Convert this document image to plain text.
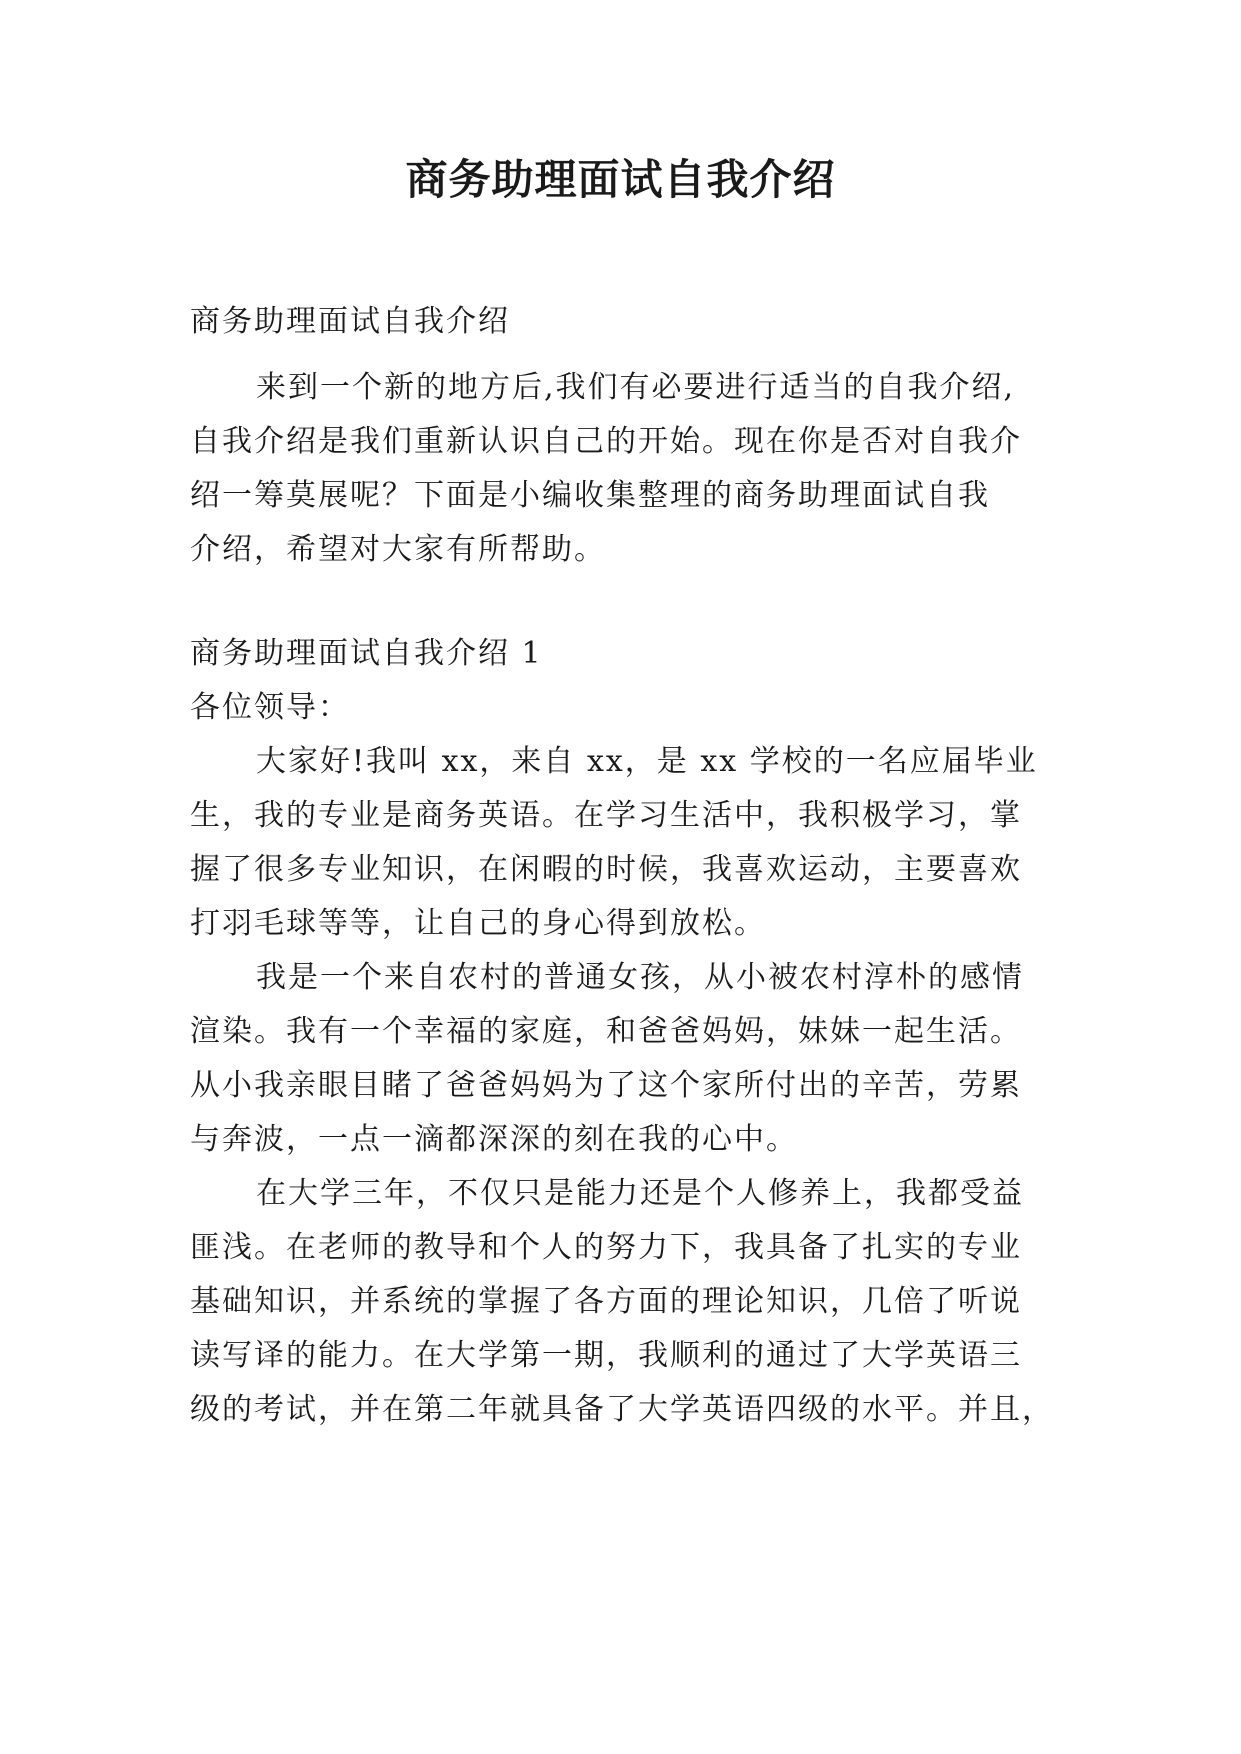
商务助理面试自我介绍
商务助理面试自我介绍
来到一个新的地方后,我们有必要进行适当的自我介绍,
自我介绍是我们重新认识自己的开始。现在你是否对自我介
绍一筹莫展呢？下面是小编收集整理的商务助理面试自我
介绍，希望对大家有所帮助。
商务助理面试自我介绍 1
各位领导：
大家好!我叫 xx，来自 xx，是 xx 学校的一名应届毕业
生，我的专业是商务英语。在学习生活中，我积极学习，掌
握了很多专业知识，在闲暇的时候，我喜欢运动，主要喜欢
打羽毛球等等，让自己的身心得到放松。
我是一个来自农村的普通女孩，从小被农村淳朴的感情
渲染。我有一个幸福的家庭，和爸爸妈妈，妹妹一起生活。
从小我亲眼目睹了爸爸妈妈为了这个家所付出的辛苦，劳累
与奔波，一点一滴都深深的刻在我的心中。
在大学三年，不仅只是能力还是个人修养上，我都受益
匪浅。在老师的教导和个人的努力下，我具备了扎实的专业
基础知识，并系统的掌握了各方面的理论知识，几倍了听说
读写译的能力。在大学第一期，我顺利的通过了大学英语三
级的考试，并在第二年就具备了大学英语四级的水平。并且，
